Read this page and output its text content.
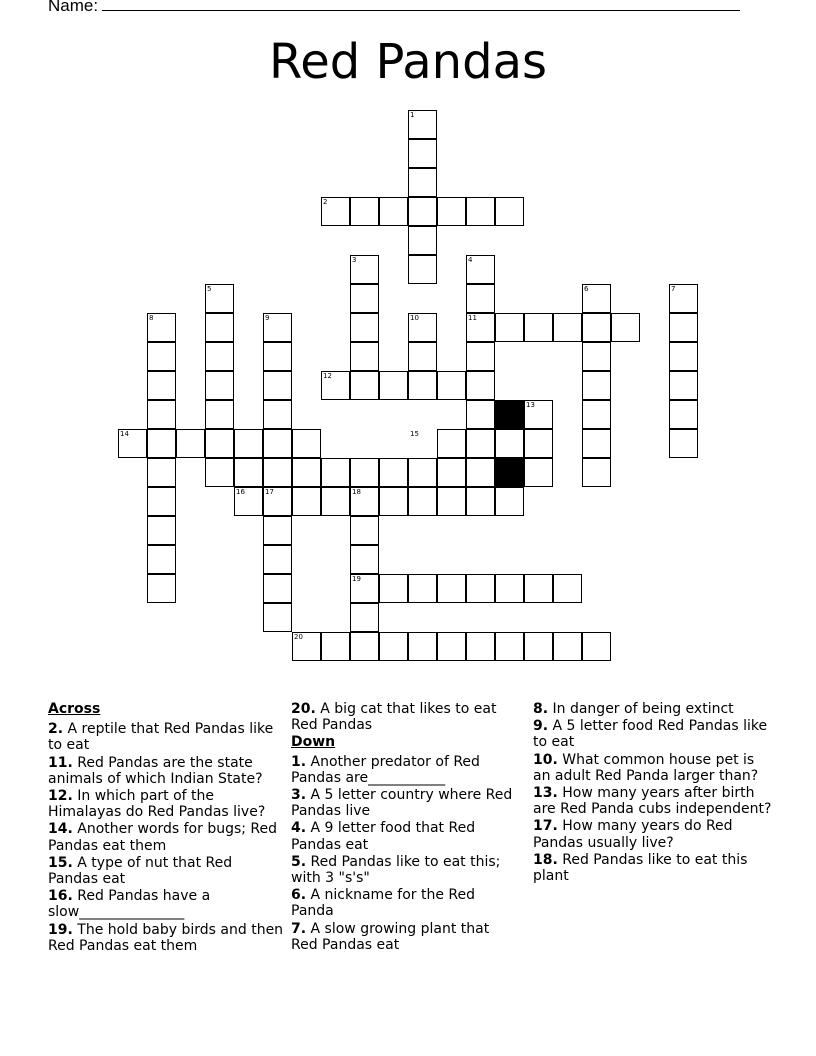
Name:
Red Pandas
1
2
3	4
5	6	7
8	9	10	11
12
13
14	15
16	17	18
19
20
Across
2. A reptile that Red Pandas like to eat
11. Red Pandas are the state animals of which Indian State?
12. In which part of the Himalayas do Red Pandas live?
14. Another words for bugs; Red Pandas eat them
15. A type of nut that Red Pandas eat
16. Red Pandas have a slow_______________
19. The hold baby birds and then Red Pandas eat them
20. A big cat that likes to eat Red Pandas
Down
1. Another predator of Red Pandas are___________
3. A 5 letter country where Red Pandas live
4. A 9 letter food that Red Pandas eat
5. Red Pandas like to eat this; with 3 "s's"
6. A nickname for the Red Panda
7. A slow growing plant that Red Pandas eat
8. In danger of being extinct
9. A 5 letter food Red Pandas like to eat
10. What common house pet is an adult Red Panda larger than?
13. How many years after birth are Red Panda cubs independent?
17. How many years do Red Pandas usually live?
18. Red Pandas like to eat this plant
